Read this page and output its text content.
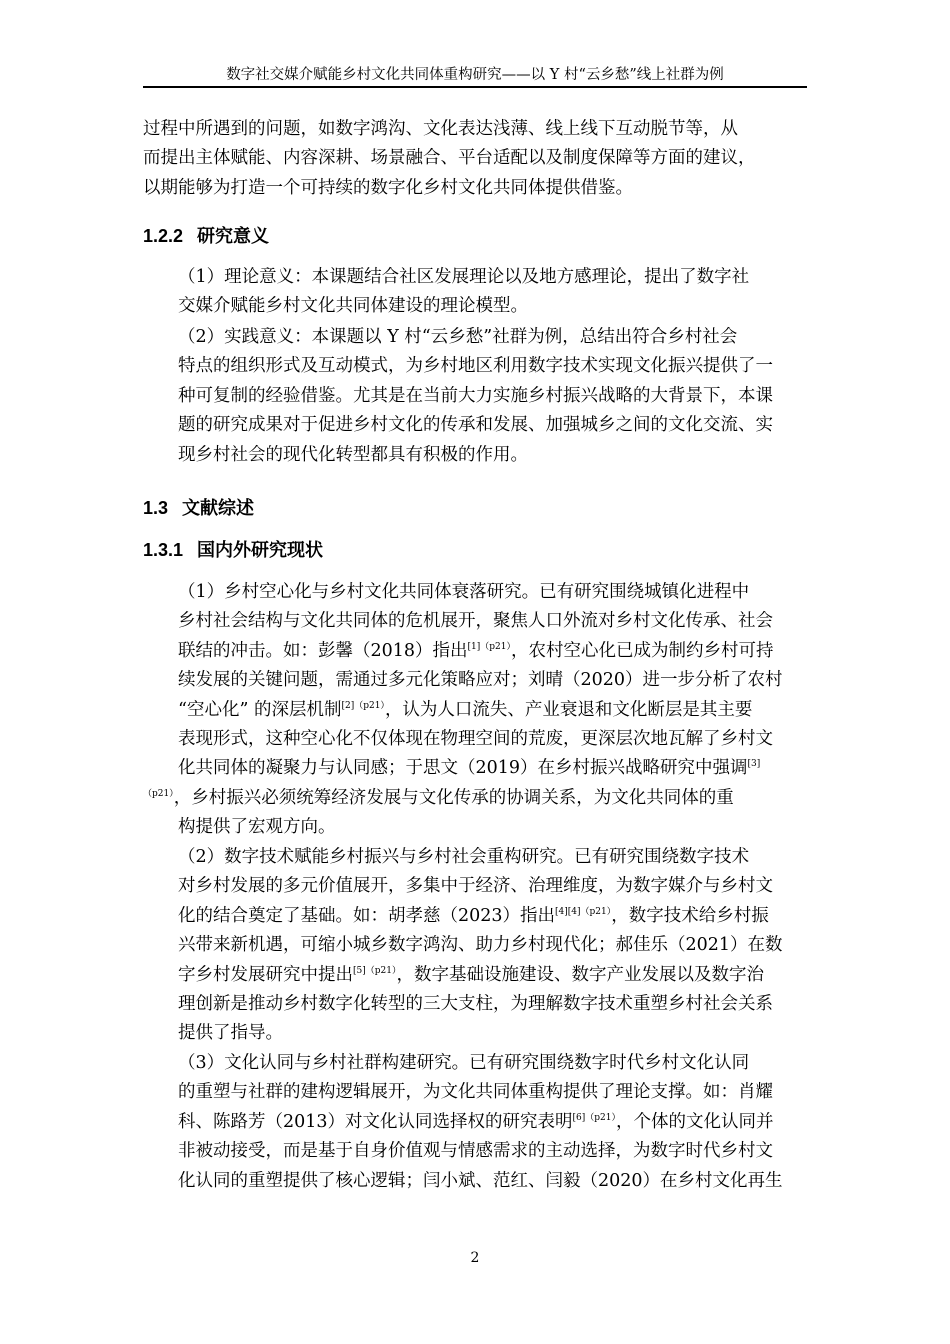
数字社交媒介赋能乡村文化共同体重构研究——以 Y 村“云乡愁”线上社群为例

过程中所遇到的问题，如数字鸿沟、文化表达浅薄、线上线下互动脱节等，从
而提出主体赋能、内容深耕、场景融合、平台适配以及制度保障等方面的建议，
以期能够为打造一个可持续的数字化乡村文化共同体提供借鉴。

1.2.2 研究意义

（1）理论意义：本课题结合社区发展理论以及地方感理论，提出了数字社
交媒介赋能乡村文化共同体建设的理论模型。

（2）实践意义：本课题以 Y 村“云乡愁”社群为例，总结出符合乡村社会
特点的组织形式及互动模式，为乡村地区利用数字技术实现文化振兴提供了一
种可复制的经验借鉴。尤其是在当前大力实施乡村振兴战略的大背景下，本课
题的研究成果对于促进乡村文化的传承和发展、加强城乡之间的文化交流、实
现乡村社会的现代化转型都具有积极的作用。

1.3 文献综述
1.3.1 国内外研究现状

（1）乡村空心化与乡村文化共同体衰落研究。已有研究围绕城镇化进程中
乡村社会结构与文化共同体的危机展开，聚焦人口外流对乡村文化传承、社会
联结的冲击。如：彭馨（2018）指出$^{[1](p21)}$，农村空心化已成为制约乡村可持
续发展的关键问题，需通过多元化策略应对；刘晴（2020）进一步分析了农村
“空心化” 的深层机制$^{[2](p21)}$，认为人口流失、产业衰退和文化断层是其主要
表现形式，这种空心化不仅体现在物理空间的荒废，更深层次地瓦解了乡村文
化共同体的凝聚力与认同感；于思文（2019）在乡村振兴战略研究中强调[3]
$^{(p21)}$，乡村振兴必须统筹经济发展与文化传承的协调关系，为文化共同体的重
构提供了宏观方向。

（2）数字技术赋能乡村振兴与乡村社会重构研究。已有研究围绕数字技术
对乡村发展的多元价值展开，多集中于经济、治理维度，为数字媒介与乡村文
化的结合奠定了基础。如：胡孝慈（2023）指出$^{[4][4](p21)}$，数字技术给乡村振
兴带来新机遇，可缩小城乡数字鸿沟、助力乡村现代化；郝佳乐（2021）在数
字乡村发展研究中提出$^{[5](p21)}$，数字基础设施建设、数字产业发展以及数字治
理创新是推动乡村数字化转型的三大支柱，为理解数字技术重塑乡村社会关系
提供了指导。

（3）文化认同与乡村社群构建研究。已有研究围绕数字时代乡村文化认同
的重塑与社群的建构逻辑展开，为文化共同体重构提供了理论支撑。如：肖耀
科、陈路芳（2013）对文化认同选择权的研究表明$^{[6](p21)}$，个体的文化认同并
非被动接受，而是基于自身价值观与情感需求的主动选择，为数字时代乡村文
化认同的重塑提供了核心逻辑；闫小斌、范红、闫毅（2020）在乡村文化再生

2
